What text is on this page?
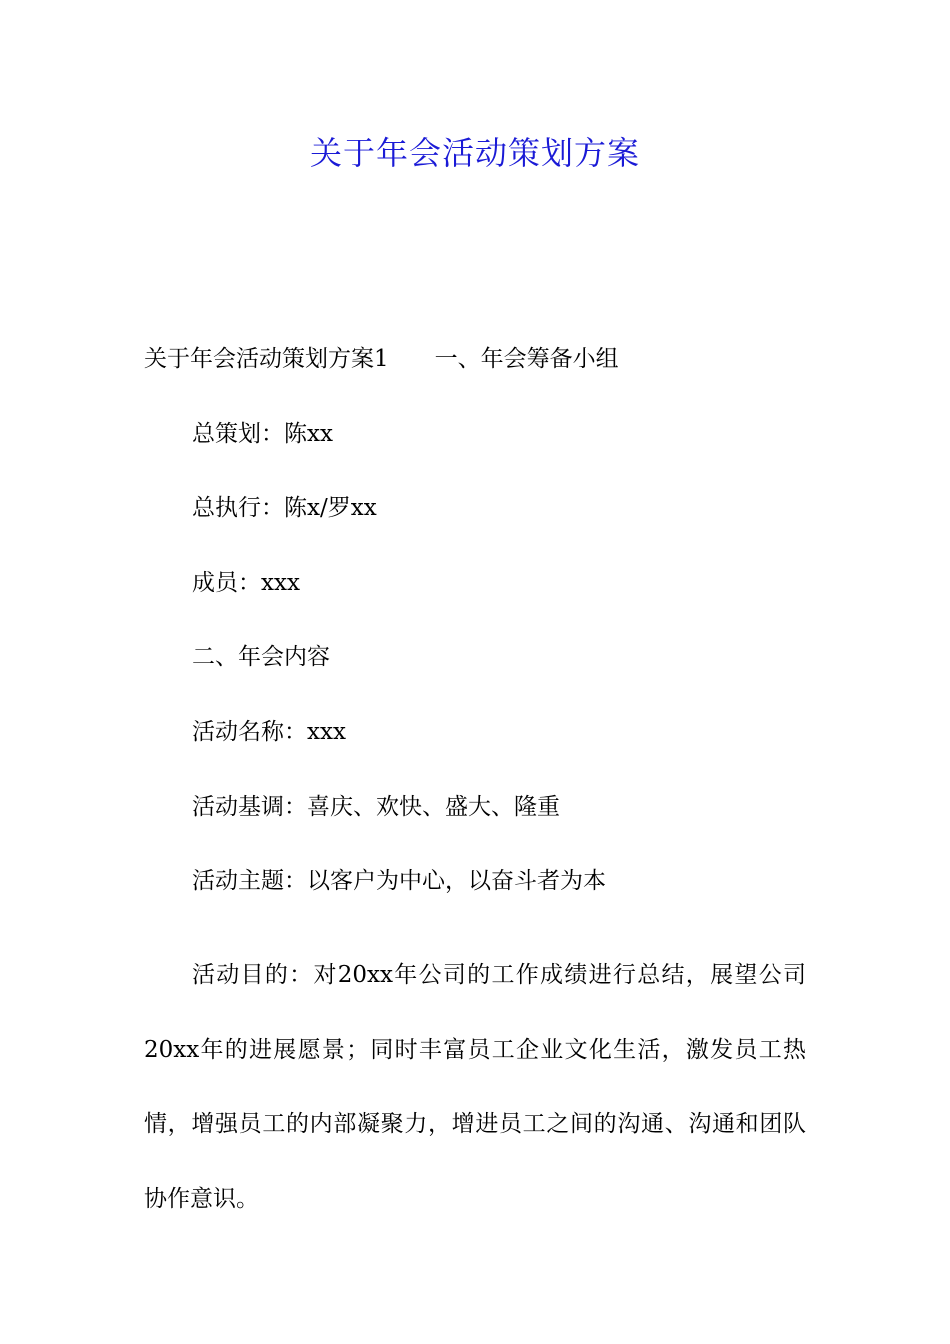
关于年会活动策划方案
关于年会活动策划方案1 一、年会筹备小组
总策划：陈xx
总执行：陈x/罗xx
成员：xxx
二、年会内容
活动名称：xxx
活动基调：喜庆、欢快、盛大、隆重
活动主题：以客户为中心，以奋斗者为本
活动目的：对20xx年公司的工作成绩进行总结，展望公司20xx年的进展愿景；同时丰富员工企业文化生活，激发员工热情，增强员工的内部凝聚力，增进员工之间的沟通、沟通和团队协作意识。
